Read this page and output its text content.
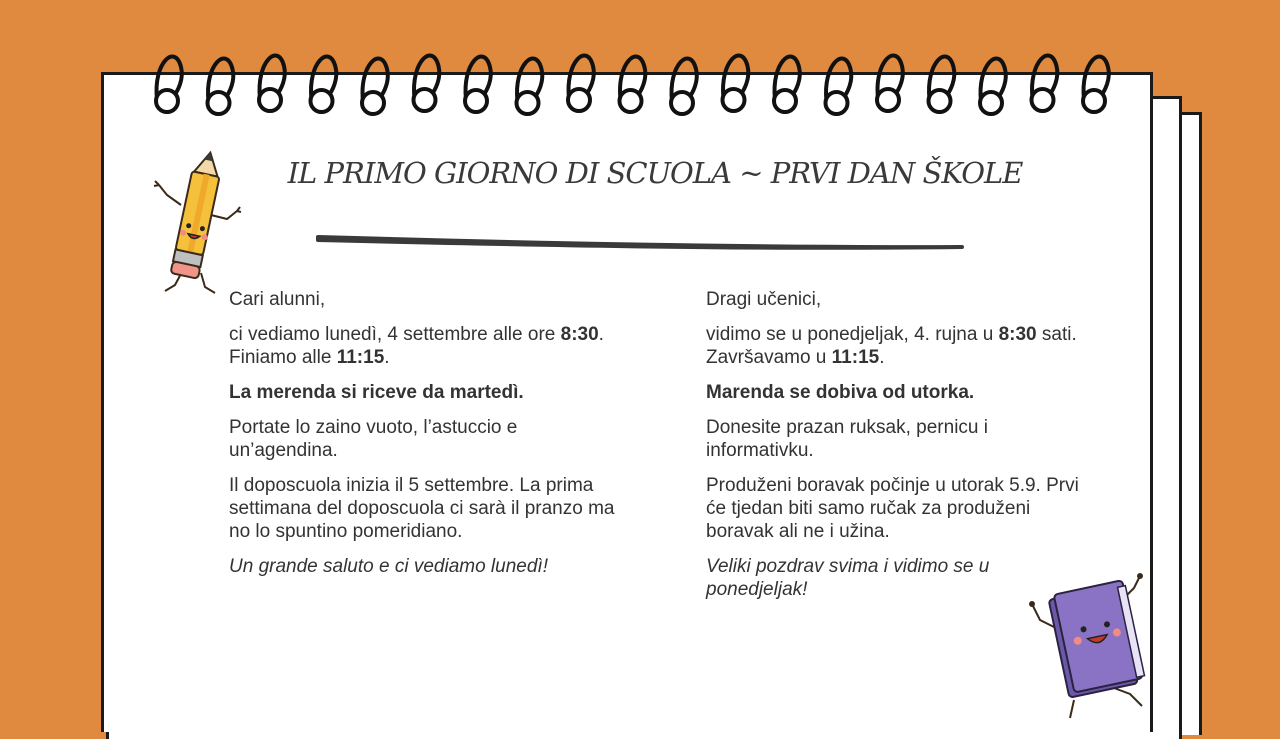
IL PRIMO GIORNO DI SCUOLA ~ PRVI DAN ŠKOLE

Cari alunni,

ci vediamo lunedì, 4 settembre alle ore 8:30. Finiamo alle 11:15.

La merenda si riceve da martedì.

Portate lo zaino vuoto, l’astuccio e un’agendina.

Il doposcuola inizia il 5 settembre. La prima settimana del doposcuola ci sarà il pranzo ma no lo spuntino pomeridiano.

Un grande saluto e ci vediamo lunedì!

Dragi učenici,

vidimo se u ponedjeljak, 4. rujna u 8:30 sati. Završavamo u 11:15.

Marenda se dobiva od utorka.

Donesite prazan ruksak, pernicu i informativku.

Produženi boravak počinje u utorak 5.9. Prvi će tjedan biti samo ručak za produženi boravak ali ne i užina.

Veliki pozdrav svima i vidimo se u ponedjeljak!
